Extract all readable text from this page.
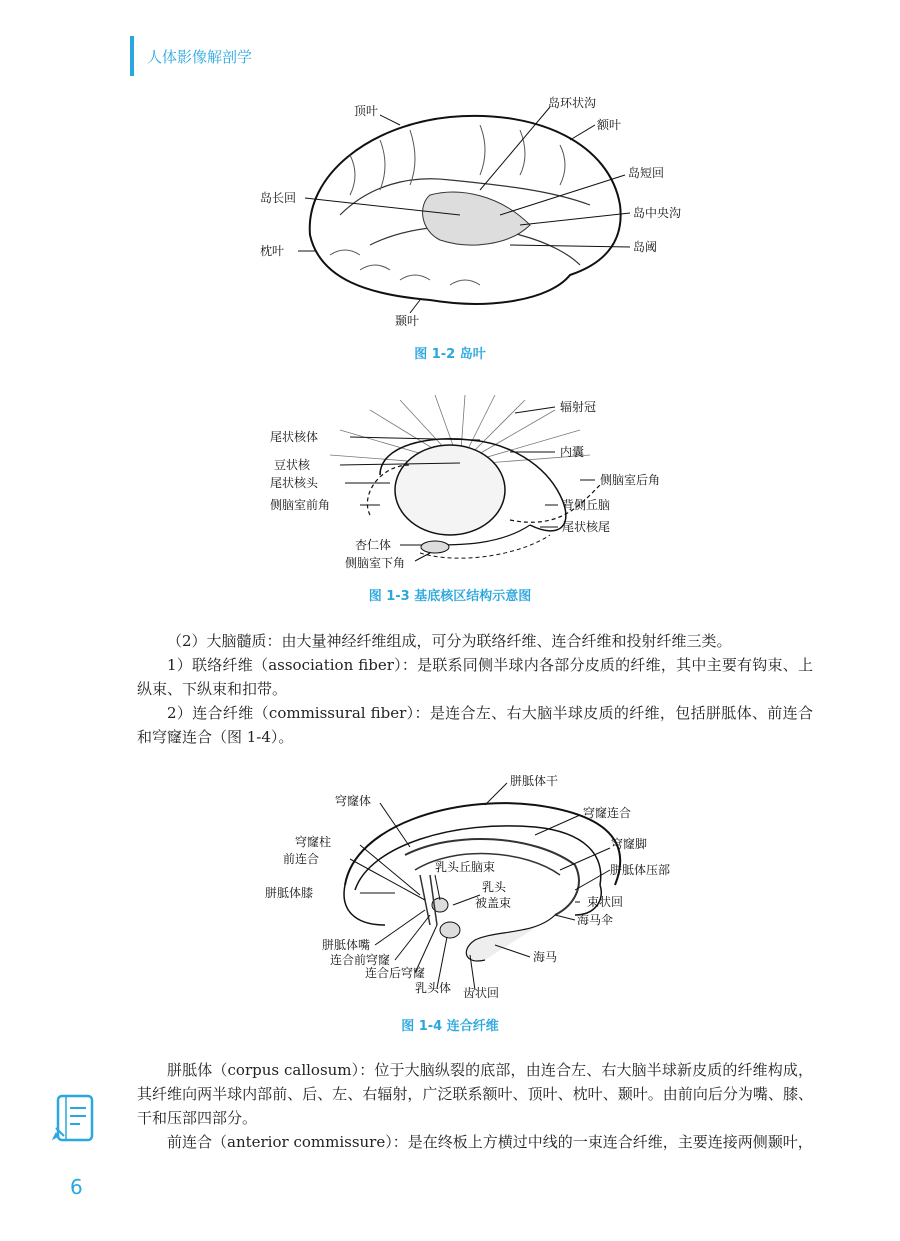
人体影像解剖学
顶叶
岛环状沟
额叶
岛长回
岛短回
岛中央沟
枕叶	岛阈
颞叶
图 1-2 岛叶
辐射冠
尾状核体
内囊
豆状核
尾状核头	侧脑室后角
侧脑室前角	背侧丘脑
尾状核尾
杏仁体
侧脑室下角
图 1-3 基底核区结构示意图
（2）大脑髓质：由大量神经纤维组成，可分为联络纤维、连合纤维和投射纤维三类。
1）联络纤维（association fiber）：是联系同侧半球内各部分皮质的纤维，其中主要有钩束、上纵束、下纵束和扣带。
2）连合纤维（commissural fiber）：是连合左、右大脑半球皮质的纤维，包括胼胝体、前连合和穹窿连合（图 1-4）。
胼胝体干
穹窿体
穹窿连合
穹窿柱	穹窿脚
前连合
乳头丘脑束	胼胝体压部
胼胝体膝	乳头
被盖束	束状回
海马伞
胼胝体嘴
连合前穹窿	海马
连合后穹窿
乳头体 齿状回
图 1-4 连合纤维
胼胝体（corpus callosum）：位于大脑纵裂的底部，由连合左、右大脑半球新皮质的纤维构成，其纤维向两半球内部前、后、左、右辐射，广泛联系额叶、顶叶、枕叶、颞叶。由前向后分为嘴、膝、干和压部四部分。
前连合（anterior commissure）：是在终板上方横过中线的一束连合纤维，主要连接两侧颞叶，
6
